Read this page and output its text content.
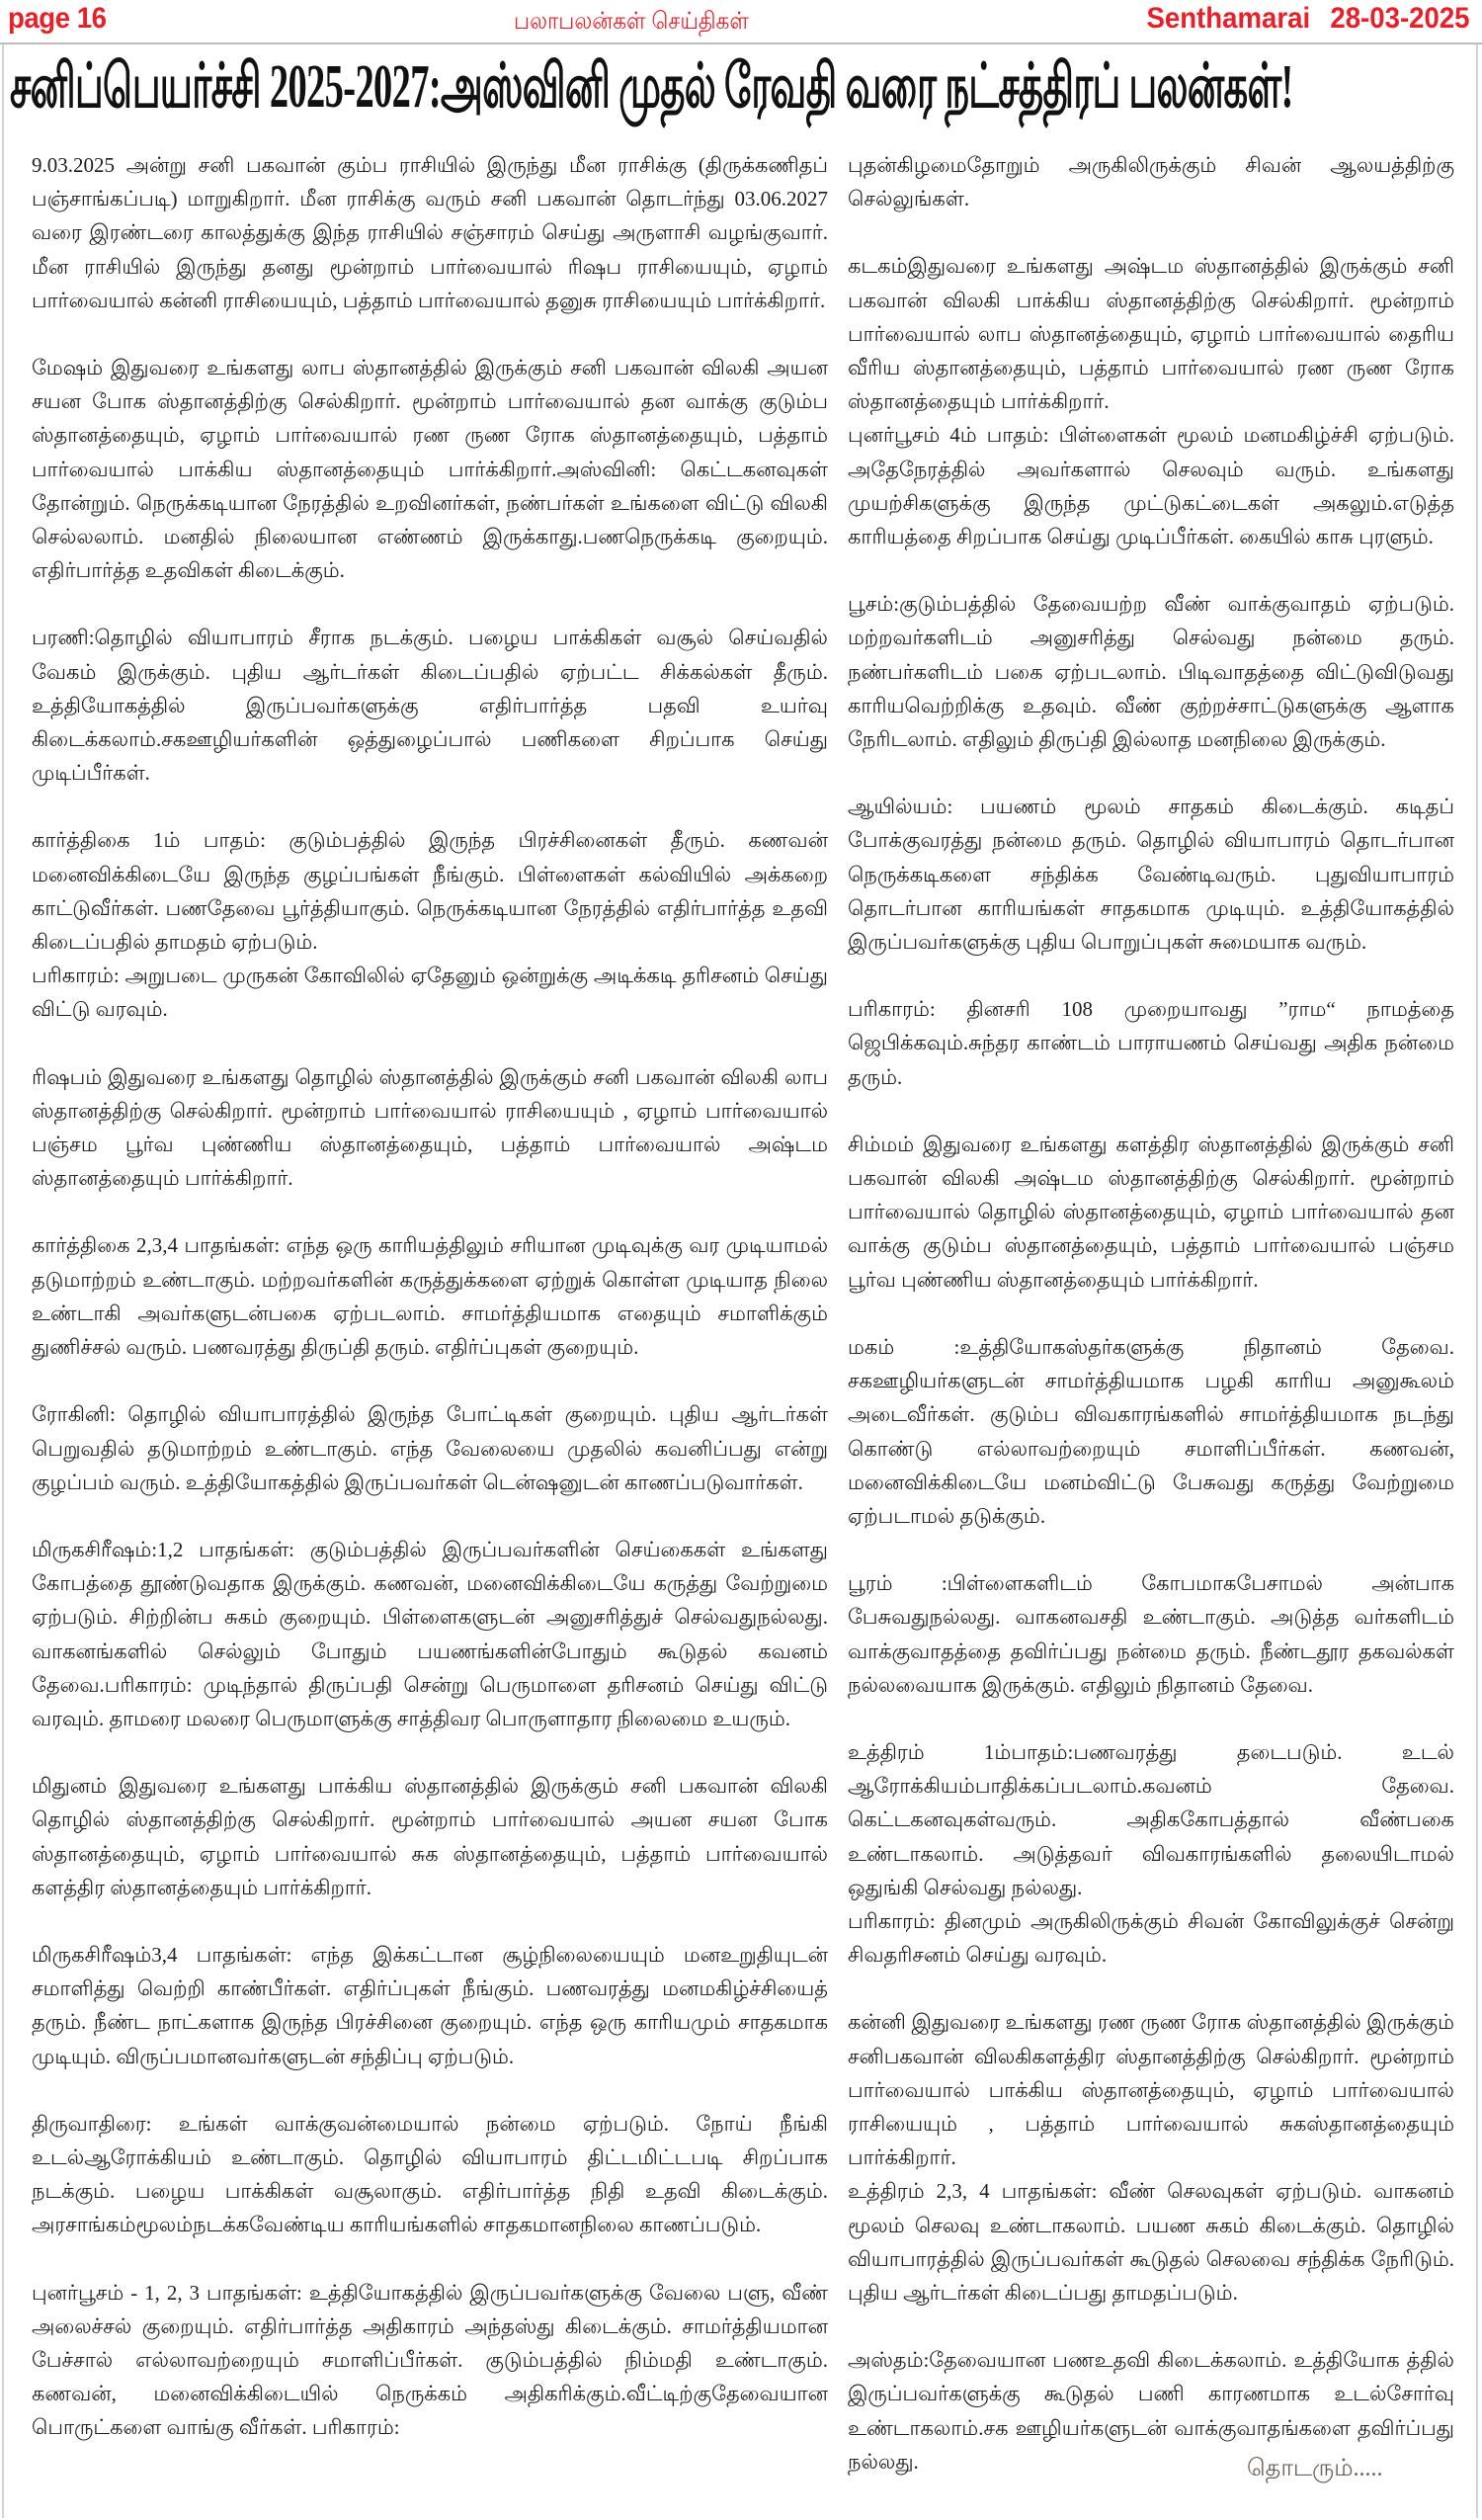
page 16	பலாபலன்கள் செய்திகள்	Senthamarai 28-03-2025
சனிப்பெயர்ச்சி 2025-2027:அஸ்வினி முதல் ரேவதி வரை நட்சத்திரப் பலன்கள்!

9.03.2025 அன்று சனி பகவான் கும்ப ராசியில் இருந்து மீன ராசிக்கு (திருக்கணிதப் பஞ்சாங்கப்படி) மாறுகிறார். மீன ராசிக்கு வரும் சனி பகவான் தொடர்ந்து 03.06.2027 வரை இரண்டரை காலத்துக்கு இந்த ராசியில் சஞ்சாரம் செய்து அருளாசி வழங்குவார். மீன ராசியில் இருந்து தனது மூன்றாம் பார்வையால் ரிஷப ராசியையும், ஏழாம் பார்வையால் கன்னி ராசியையும், பத்தாம் பார்வையால் தனுசு ராசியையும் பார்க்கிறார்.

மேஷம் இதுவரை உங்களது லாப ஸ்தானத்தில் இருக்கும் சனி பகவான் விலகி அயன சயன போக ஸ்தானத்திற்கு செல்கிறார். மூன்றாம் பார்வையால் தன வாக்கு குடும்ப ஸ்தானத்தையும், ஏழாம் பார்வையால் ரண ருண ரோக ஸ்தானத்தையும், பத்தாம் பார்வையால் பாக்கிய ஸ்தானத்தையும் பார்க்கிறார்.அஸ்வினி: கெட்டகனவுகள் தோன்றும். நெருக்கடியான நேரத்தில் உறவினர்கள், நண்பர்கள் உங்களை விட்டு விலகி செல்லலாம். மனதில் நிலையான எண்ணம் இருக்காது.பணநெருக்கடி குறையும். எதிர்பார்த்த உதவிகள் கிடைக்கும்.

பரணி:தொழில் வியாபாரம் சீராக நடக்கும். பழைய பாக்கிகள் வசூல் செய்வதில் வேகம் இருக்கும். புதிய ஆர்டர்கள் கிடைப்பதில் ஏற்பட்ட சிக்கல்கள் தீரும். உத்தியோகத்தில் இருப்பவர்களுக்கு எதிர்பார்த்த பதவி உயர்வு கிடைக்கலாம்.சகஊழியர்களின் ஒத்துழைப்பால் பணிகளை சிறப்பாக செய்து முடிப்பீர்கள்.

கார்த்திகை 1ம் பாதம்: குடும்பத்தில் இருந்த பிரச்சினைகள் தீரும். கணவன் மனைவிக்கிடையே இருந்த குழப்பங்கள் நீங்கும். பிள்ளைகள் கல்வியில் அக்கறை காட்டுவீர்கள். பணதேவை பூர்த்தியாகும். நெருக்கடியான நேரத்தில் எதிர்பார்த்த உதவி கிடைப்பதில் தாமதம் ஏற்படும்.

பரிகாரம்: அறுபடை முருகன் கோவிலில் ஏதேனும் ஒன்றுக்கு அடிக்கடி தரிசனம் செய்து விட்டு வரவும்.

ரிஷபம் இதுவரை உங்களது தொழில் ஸ்தானத்தில் இருக்கும் சனி பகவான் விலகி லாப ஸ்தானத்திற்கு செல்கிறார். மூன்றாம் பார்வையால் ராசியையும் , ஏழாம் பார்வையால் பஞ்சம பூர்வ புண்ணிய ஸ்தானத்தையும், பத்தாம் பார்வையால் அஷ்டம ஸ்தானத்தையும் பார்க்கிறார்.

கார்த்திகை 2,3,4 பாதங்கள்: எந்த ஒரு காரியத்திலும் சரியான முடிவுக்கு வர முடியாமல் தடுமாற்றம் உண்டாகும். மற்றவர்களின் கருத்துக்களை ஏற்றுக் கொள்ள முடியாத நிலை உண்டாகி அவர்களுடன்பகை ஏற்படலாம். சாமர்த்தியமாக எதையும் சமாளிக்கும் துணிச்சல் வரும். பணவரத்து திருப்தி தரும். எதிர்ப்புகள் குறையும்.

ரோகினி: தொழில் வியாபாரத்தில் இருந்த போட்டிகள் குறையும். புதிய ஆர்டர்கள் பெறுவதில் தடுமாற்றம் உண்டாகும். எந்த வேலையை முதலில் கவனிப்பது என்று குழப்பம் வரும். உத்தியோகத்தில் இருப்பவர்கள் டென்ஷனுடன் காணப்படுவார்கள்.

மிருகசிரீஷம்:1,2 பாதங்கள்: குடும்பத்தில் இருப்பவர்களின் செய்கைகள் உங்களது கோபத்தை தூண்டுவதாக இருக்கும். கணவன், மனைவிக்கிடையே கருத்து வேற்றுமை ஏற்படும். சிற்றின்ப சுகம் குறையும். பிள்ளைகளுடன் அனுசரித்துச் செல்வதுநல்லது. வாகனங்களில் செல்லும் போதும் பயணங்களின்போதும் கூடுதல் கவனம் தேவை.பரிகாரம்: முடிந்தால் திருப்பதி சென்று பெருமாளை தரிசனம் செய்து விட்டு வரவும். தாமரை மலரை பெருமாளுக்கு சாத்திவர பொருளாதார நிலைமை உயரும்.

மிதுனம் இதுவரை உங்களது பாக்கிய ஸ்தானத்தில் இருக்கும் சனி பகவான் விலகி தொழில் ஸ்தானத்திற்கு செல்கிறார். மூன்றாம் பார்வையால் அயன சயன போக ஸ்தானத்தையும், ஏழாம் பார்வையால் சுக ஸ்தானத்தையும், பத்தாம் பார்வையால் களத்திர ஸ்தானத்தையும் பார்க்கிறார்.

மிருகசிரீஷம்3,4 பாதங்கள்: எந்த இக்கட்டான சூழ்நிலையையும் மனஉறுதியுடன் சமாளித்து வெற்றி காண்பீர்கள். எதிர்ப்புகள் நீங்கும். பணவரத்து மனமகிழ்ச்சியைத் தரும். நீண்ட நாட்களாக இருந்த பிரச்சினை குறையும். எந்த ஒரு காரியமும் சாதகமாக முடியும். விருப்பமானவர்களுடன் சந்திப்பு ஏற்படும்.

திருவாதிரை: உங்கள் வாக்குவன்மையால் நன்மை ஏற்படும். நோய் நீங்கி உடல்ஆரோக்கியம் உண்டாகும். தொழில் வியாபாரம் திட்டமிட்டபடி சிறப்பாக நடக்கும். பழைய பாக்கிகள் வசூலாகும். எதிர்பார்த்த நிதி உதவி கிடைக்கும். அரசாங்கம்மூலம்நடக்கவேண்டிய காரியங்களில் சாதகமானநிலை காணப்படும்.

புனர்பூசம் - 1, 2, 3 பாதங்கள்: உத்தியோகத்தில் இருப்பவர்களுக்கு வேலை பளு, வீண் அலைச்சல் குறையும். எதிர்பார்த்த அதிகாரம் அந்தஸ்து கிடைக்கும். சாமர்த்தியமான பேச்சால் எல்லாவற்றையும் சமாளிப்பீர்கள். குடும்பத்தில் நிம்மதி உண்டாகும். கணவன், மனைவிக்கிடையில் நெருக்கம் அதிகரிக்கும்.வீட்டிற்குதேவையான பொருட்களை வாங்கு வீர்கள். பரிகாரம்:

புதன்கிழமைதோறும் அருகிலிருக்கும் சிவன் ஆலயத்திற்கு செல்லுங்கள்.

கடகம்இதுவரை உங்களது அஷ்டம ஸ்தானத்தில் இருக்கும் சனி பகவான் விலகி பாக்கிய ஸ்தானத்திற்கு செல்கிறார். மூன்றாம் பார்வையால் லாப ஸ்தானத்தையும், ஏழாம் பார்வையால் தைரிய வீரிய ஸ்தானத்தையும், பத்தாம் பார்வையால் ரண ருண ரோக ஸ்தானத்தையும் பார்க்கிறார்.

புனர்பூசம் 4ம் பாதம்: பிள்ளைகள் மூலம் மனமகிழ்ச்சி ஏற்படும். அதேநேரத்தில் அவர்களால் செலவும் வரும். உங்களது முயற்சிகளுக்கு இருந்த முட்டுகட்டைகள் அகலும்.எடுத்த காரியத்தை சிறப்பாக செய்து முடிப்பீர்கள். கையில் காசு புரளும்.

பூசம்:குடும்பத்தில் தேவையற்ற வீண் வாக்குவாதம் ஏற்படும். மற்றவர்களிடம் அனுசரித்து செல்வது நன்மை தரும். நண்பர்களிடம் பகை ஏற்படலாம். பிடிவாதத்தை விட்டுவிடுவது காரியவெற்றிக்கு உதவும். வீண் குற்றச்சாட்டுகளுக்கு ஆளாக நேரிடலாம். எதிலும் திருப்தி இல்லாத மனநிலை இருக்கும்.

ஆயில்யம்: பயணம் மூலம் சாதகம் கிடைக்கும். கடிதப் போக்குவரத்து நன்மை தரும். தொழில் வியாபாரம் தொடர்பான நெருக்கடிகளை சந்திக்க வேண்டிவரும். புதுவியாபாரம் தொடர்பான காரியங்கள் சாதகமாக முடியும். உத்தியோகத்தில் இருப்பவர்களுக்கு புதிய பொறுப்புகள் சுமையாக வரும்.

பரிகாரம்: தினசரி 108 முறையாவது ”ராம“ நாமத்தை ஜெபிக்கவும்.சுந்தர காண்டம் பாராயணம் செய்வது அதிக நன்மை தரும்.

சிம்மம் இதுவரை உங்களது களத்திர ஸ்தானத்தில் இருக்கும் சனி பகவான் விலகி அஷ்டம ஸ்தானத்திற்கு செல்கிறார். மூன்றாம் பார்வையால் தொழில் ஸ்தானத்தையும், ஏழாம் பார்வையால் தன வாக்கு குடும்ப ஸ்தானத்தையும், பத்தாம் பார்வையால் பஞ்சம பூர்வ புண்ணிய ஸ்தானத்தையும் பார்க்கிறார்.

மகம் :உத்தியோகஸ்தர்களுக்கு நிதானம் தேவை. சகஊழியர்களுடன் சாமர்த்தியமாக பழகி காரிய அனுகூலம் அடைவீர்கள். குடும்ப விவகாரங்களில் சாமர்த்தியமாக நடந்து கொண்டு எல்லாவற்றையும் சமாளிப்பீர்கள். கணவன், மனைவிக்கிடையே மனம்விட்டு பேசுவது கருத்து வேற்றுமை ஏற்படாமல் தடுக்கும்.

பூரம் :பிள்ளைகளிடம் கோபமாகபேசாமல் அன்பாக பேசுவதுநல்லது. வாகனவசதி உண்டாகும். அடுத்த வர்களிடம் வாக்குவாதத்தை தவிர்ப்பது நன்மை தரும். நீண்டதூர தகவல்கள் நல்லவையாக இருக்கும். எதிலும் நிதானம் தேவை.

உத்திரம் 1ம்பாதம்:பணவரத்து தடைபடும். உடல் ஆரோக்கியம்பாதிக்கப்படலாம்.கவனம் தேவை. கெட்டகனவுகள்வரும். அதிககோபத்தால் வீண்பகை உண்டாகலாம். அடுத்தவர் விவகாரங்களில் தலையிடாமல் ஒதுங்கி செல்வது நல்லது.

பரிகாரம்: தினமும் அருகிலிருக்கும் சிவன் கோவிலுக்குச் சென்று சிவதரிசனம் செய்து வரவும்.

கன்னி இதுவரை உங்களது ரண ருண ரோக ஸ்தானத்தில் இருக்கும் சனிபகவான் விலகிகளத்திர ஸ்தானத்திற்கு செல்கிறார். மூன்றாம் பார்வையால் பாக்கிய ஸ்தானத்தையும், ஏழாம் பார்வையால் ராசியையும் , பத்தாம் பார்வையால் சுகஸ்தானத்தையும் பார்க்கிறார்.

உத்திரம் 2,3, 4 பாதங்கள்: வீண் செலவுகள் ஏற்படும். வாகனம் மூலம் செலவு உண்டாகலாம். பயண சுகம் கிடைக்கும். தொழில் வியாபாரத்தில் இருப்பவர்கள் கூடுதல் செலவை சந்திக்க நேரிடும். புதிய ஆர்டர்கள் கிடைப்பது தாமதப்படும்.

அஸ்தம்:தேவையான பணஉதவி கிடைக்கலாம். உத்தியோக த்தில் இருப்பவர்களுக்கு கூடுதல் பணி காரணமாக உடல்சோர்வு உண்டாகலாம்.சக ஊழியர்களுடன் வாக்குவாதங்களை தவிர்ப்பது நல்லது.	தொடரும்.....
